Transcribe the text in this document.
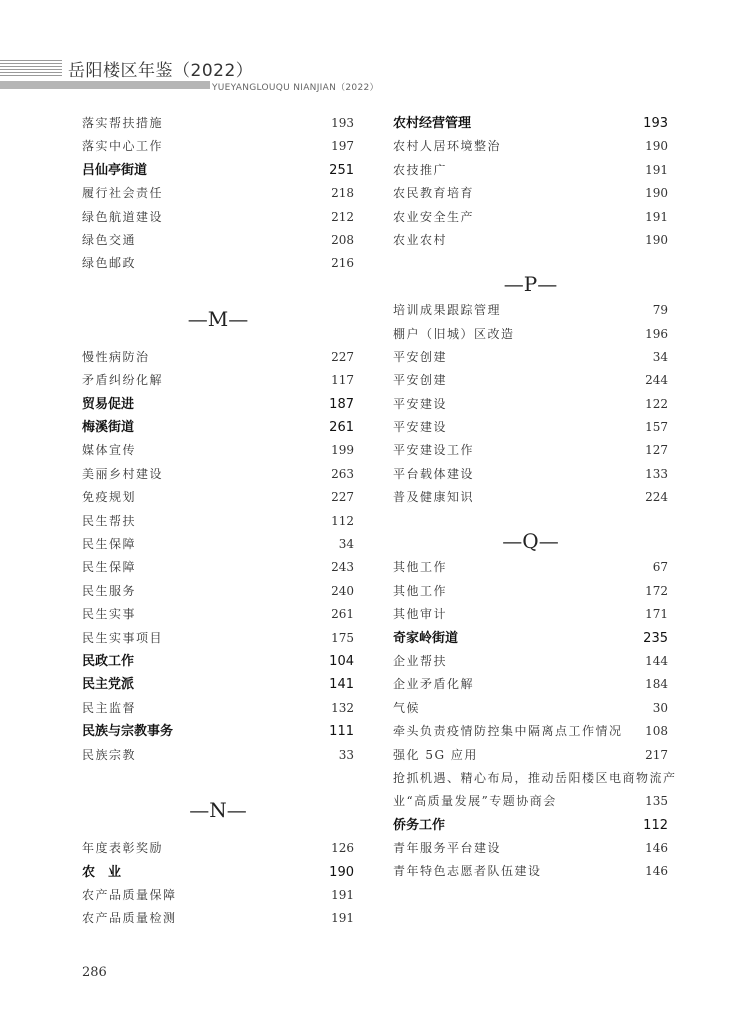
岳阳楼区年鉴（2022）
YUEYANGLOUQU NIANJIAN（2022）
落实帮扶措施	193
落实中心工作	197
吕仙亭街道	251
履行社会责任	218
绿色航道建设	212
绿色交通	208
绿色邮政	216
—M—
慢性病防治	227
矛盾纠纷化解	117
贸易促进	187
梅溪街道	261
媒体宣传	199
美丽乡村建设	263
免疫规划	227
民生帮扶	112
民生保障	34
民生保障	243
民生服务	240
民生实事	261
民生实事项目	175
民政工作	104
民主党派	141
民主监督	132
民族与宗教事务	111
民族宗教	33
—N—
年度表彰奖励	126
农　业	190
农产品质量保障	191
农产品质量检测	191
农村经营管理	193
农村人居环境整治	190
农技推广	191
农民教育培育	190
农业安全生产	191
农业农村	190
—P—
培训成果跟踪管理	79
棚户（旧城）区改造	196
平安创建	34
平安创建	244
平安建设	122
平安建设	157
平安建设工作	127
平台载体建设	133
普及健康知识	224
—Q—
其他工作	67
其他工作	172
其他审计	171
奇家岭街道	235
企业帮扶	144
企业矛盾化解	184
气候	30
牵头负责疫情防控集中隔离点工作情况 108
强化 5G 应用	217
抢抓机遇、精心布局，推动岳阳楼区电商物流产
业“高质量发展”专题协商会	135
侨务工作	112
青年服务平台建设	146
青年特色志愿者队伍建设	146
286
